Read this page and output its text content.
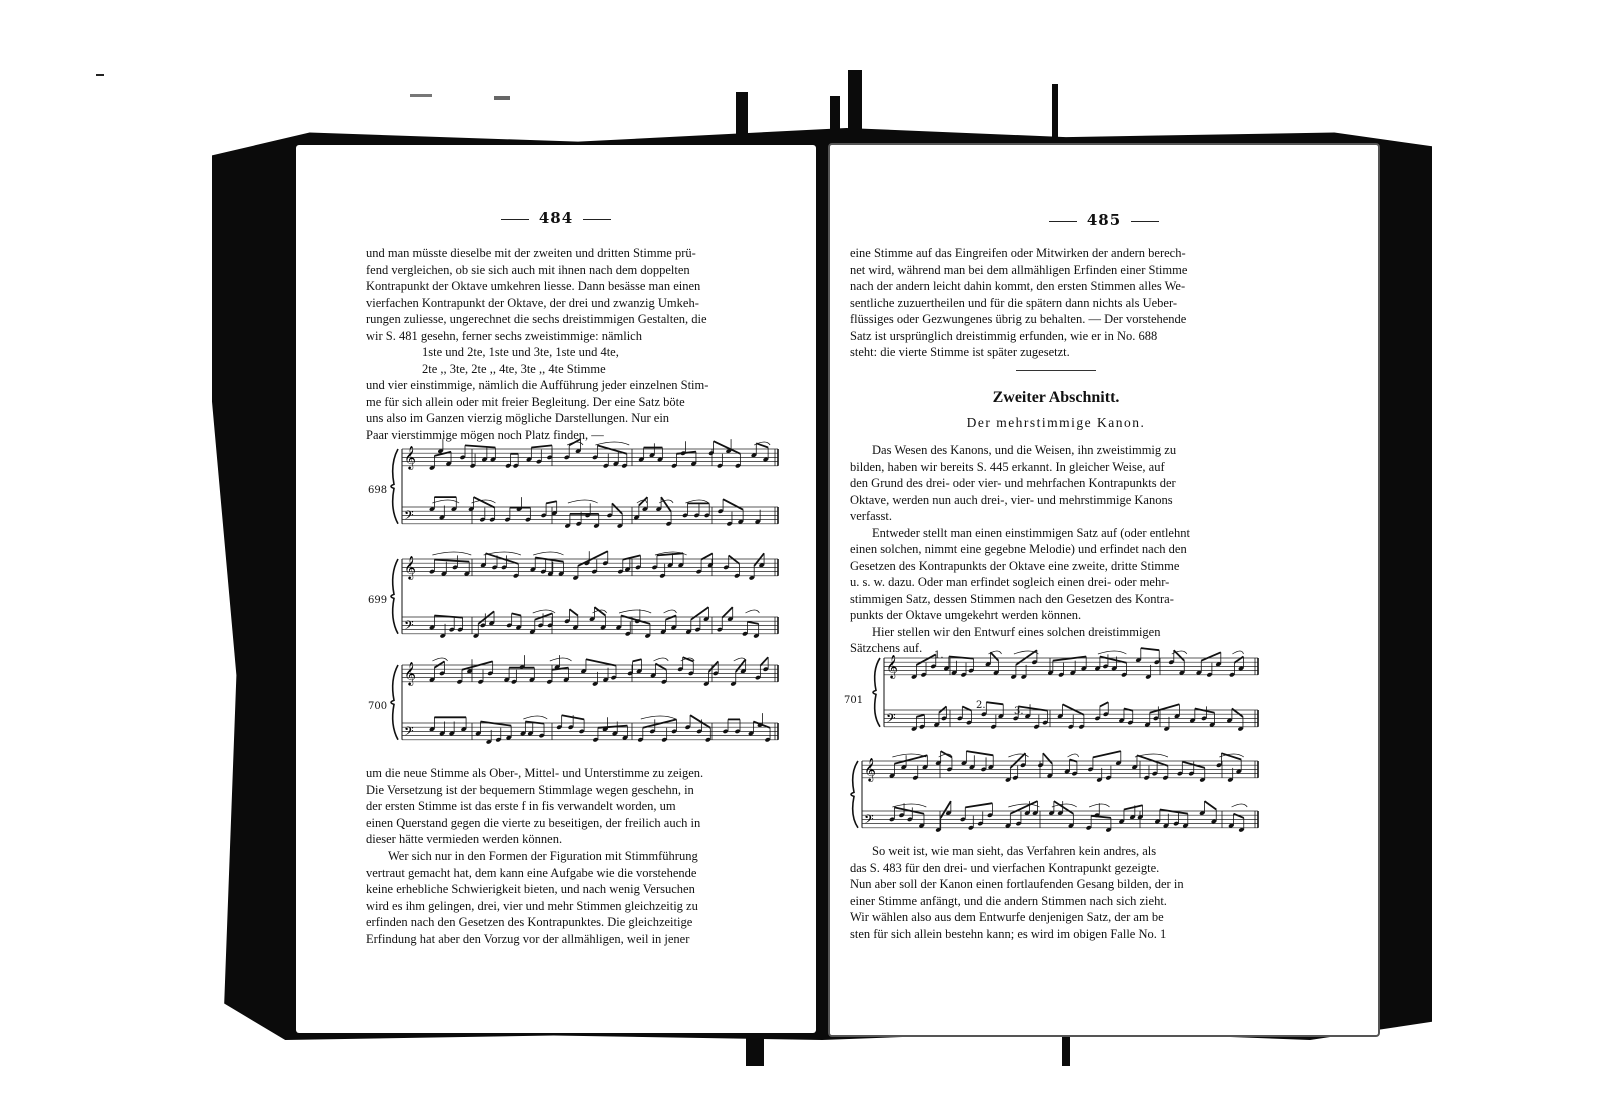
484

und man müsste dieselbe mit der zweiten und dritten Stimme prü-

fend vergleichen, ob sie sich auch mit ihnen nach dem doppelten

Kontrapunkt der Oktave umkehren liesse. Dann besässe man einen

vierfachen Kontrapunkt der Oktave, der drei und zwanzig Umkeh-

rungen zuliesse, ungerechnet die sechs dreistimmigen Gestalten, die

wir S. 481 gesehn, ferner sechs zweistimmige: nämlich

1ste und 2te, 1ste und 3te, 1ste und 4te,

2te ,, 3te, 2te ,, 4te, 3te ,, 4te Stimme

und vier einstimmige, nämlich die Aufführung jeder einzelnen Stim-

me für sich allein oder mit freier Begleitung. Der eine Satz böte

uns also im Ganzen vierzig mögliche Darstellungen. Nur ein

Paar vierstimmige mögen noch Platz finden, —

𝄞
𝄢
𝄞
𝄢
𝄞
𝄢
698
699
700

um die neue Stimme als Ober-, Mittel- und Unterstimme zu zeigen.

Die Versetzung ist der bequemern Stimmlage wegen geschehn, in

der ersten Stimme ist das erste f in fis verwandelt worden, um

einen Querstand gegen die vierte zu beseitigen, der freilich auch in

dieser hätte vermieden werden können.

Wer sich nur in den Formen der Figuration mit Stimmführung

vertraut gemacht hat, dem kann eine Aufgabe wie die vorstehende

keine erhebliche Schwierigkeit bieten, und nach wenig Versuchen

wird es ihm gelingen, drei, vier und mehr Stimmen gleichzeitig zu

erfinden nach den Gesetzen des Kontrapunktes. Die gleichzeitige

Erfindung hat aber den Vorzug vor der allmähligen, weil in jener

485

eine Stimme auf das Eingreifen oder Mitwirken der andern berech-

net wird, während man bei dem allmähligen Erfinden einer Stimme

nach der andern leicht dahin kommt, den ersten Stimmen alles We-

sentliche zuzuertheilen und für die spätern dann nichts als Ueber-

flüssiges oder Gezwungenes übrig zu behalten. — Der vorstehende

Satz ist ursprünglich dreistimmig erfunden, wie er in No. 688

steht: die vierte Stimme ist später zugesetzt.

Zweiter Abschnitt.
Der mehrstimmige Kanon.

Das Wesen des Kanons, und die Weisen, ihn zweistimmig zu

bilden, haben wir bereits S. 445 erkannt. In gleicher Weise, auf

den Grund des drei- oder vier- und mehrfachen Kontrapunkts der

Oktave, werden nun auch drei-, vier- und mehrstimmige Kanons

verfasst.

Entweder stellt man einen einstimmigen Satz auf (oder entlehnt

einen solchen, nimmt eine gegebne Melodie) und erfindet nach den

Gesetzen des Kontrapunkts der Oktave eine zweite, dritte Stimme

u. s. w. dazu. Oder man erfindet sogleich einen drei- oder mehr-

stimmigen Satz, dessen Stimmen nach den Gesetzen des Kontra-

punkts der Oktave umgekehrt werden können.

Hier stellen wir den Entwurf eines solchen dreistimmigen

Sätzchens auf.

𝄞
𝄢
𝄞
𝄢
701
1.
2.
3.

So weit ist, wie man sieht, das Verfahren kein andres, als

das S. 483 für den drei- und vierfachen Kontrapunkt gezeigte.

Nun aber soll der Kanon einen fortlaufenden Gesang bilden, der in

einer Stimme anfängt, und die andern Stimmen nach sich zieht.

Wir wählen also aus dem Entwurfe denjenigen Satz, der am be

sten für sich allein bestehn kann; es wird im obigen Falle No. 1
